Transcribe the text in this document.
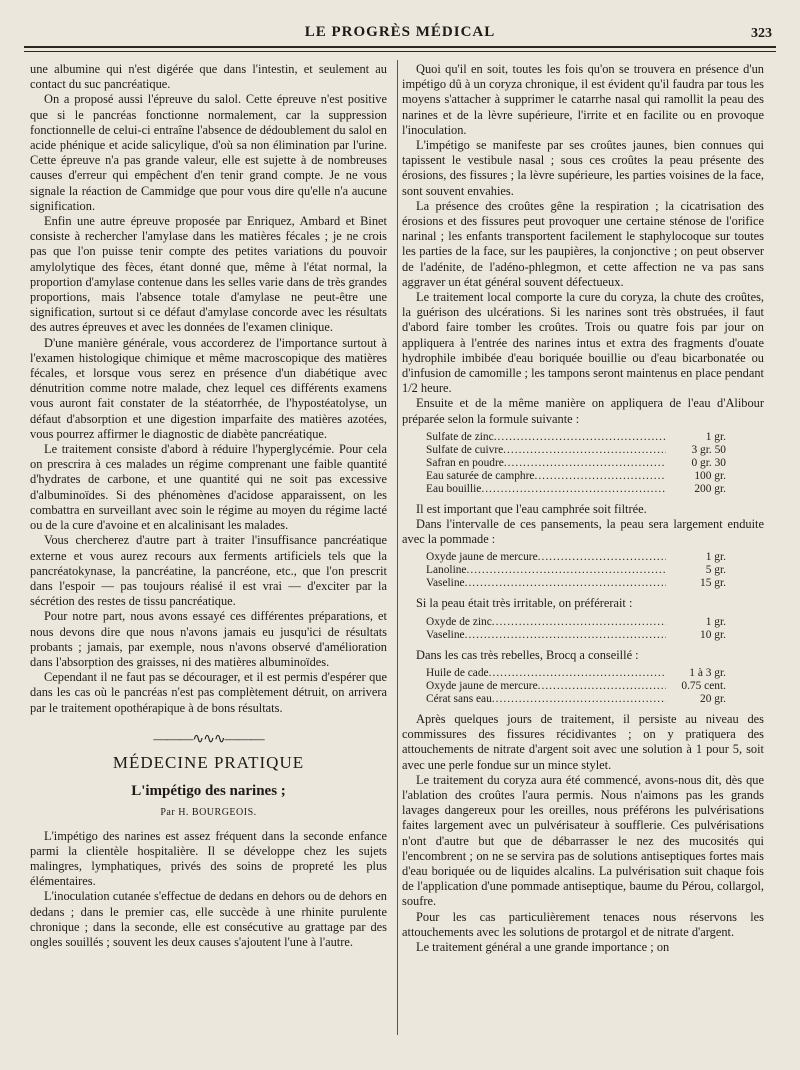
LE PROGRÈS MÉDICAL	323

une albumine qui n'est digérée que dans l'intestin, et seulement au contact du suc pancréatique.

On a proposé aussi l'épreuve du salol. Cette épreuve n'est positive que si le pancréas fonctionne normalement, car la suppression fonctionnelle de celui-ci entraîne l'absence de dédoublement du salol en acide phénique et acide salicylique, d'où sa non élimination par l'urine. Cette épreuve n'a pas grande valeur, elle est sujette à de nombreuses causes d'erreur qui empêchent d'en tenir grand compte. Je ne vous signale la réaction de Cammidge que pour vous dire qu'elle n'a aucune signification.

Enfin une autre épreuve proposée par Enriquez, Ambard et Binet consiste à rechercher l'amylase dans les matières fécales ; je ne crois pas que l'on puisse tenir compte des petites variations du pouvoir amylolytique des fèces, étant donné que, même à l'état normal, la proportion d'amylase contenue dans les selles varie dans de très grandes proportions, mais l'absence totale d'amylase ne peut-être une signification, surtout si ce défaut d'amylase concorde avec les résultats des autres épreuves et avec les données de l'examen clinique.

D'une manière générale, vous accorderez de l'importance surtout à l'examen histologique chimique et même macroscopique des matières fécales, et lorsque vous serez en présence d'un diabétique avec dénutrition comme notre malade, chez lequel ces différents examens vous auront fait constater de la stéatorrhée, de l'hypostéatolyse, un défaut d'absorption et une digestion imparfaite des matières azotées, vous pourrez affirmer le diagnostic de diabète pancréatique.

Le traitement consiste d'abord à réduire l'hyperglycémie. Pour cela on prescrira à ces malades un régime comprenant une faible quantité d'hydrates de carbone, et une quantité qui ne soit pas excessive d'albuminoïdes. Si des phénomènes d'acidose apparaissent, on les combattra en surveillant avec soin le régime au moyen du régime lacté ou de la cure d'avoine et en alcalinisant les malades.

Vous chercherez d'autre part à traiter l'insuffisance pancréatique externe et vous aurez recours aux ferments artificiels tels que la pancréatokynase, la pancréatine, la pancréone, etc., que l'on prescrit dans l'espoir — pas toujours réalisé il est vrai — d'exciter par la sécrétion des restes de tissu pancréatique.

Pour notre part, nous avons essayé ces différentes préparations, et nous devons dire que nous n'avons jamais eu jusqu'ici de résultats probants ; jamais, par exemple, nous n'avons observé d'amélioration dans l'absorption des graisses, ni des matières albuminoïdes.

Cependant il ne faut pas se décourager, et il est permis d'espérer que dans les cas où le pancréas n'est pas complètement détruit, on arrivera par le traitement opothérapique à de bons résultats.

———∿∿∿———
MÉDECINE PRATIQUE
L'impétigo des narines ;
Par H. BOURGEOIS.

L'impétigo des narines est assez fréquent dans la seconde enfance parmi la clientèle hospitalière. Il se développe chez les sujets malingres, lymphatiques, privés des soins de propreté les plus élémentaires.

L'inoculation cutanée s'effectue de dedans en dehors ou de dehors en dedans ; dans le premier cas, elle succède à une rhinite purulente chronique ; dans la seconde, elle est consécutive au grattage par des ongles souillés ; souvent les deux causes s'ajoutent l'une à l'autre.

Quoi qu'il en soit, toutes les fois qu'on se trouvera en présence d'un impétigo dû à un coryza chronique, il est évident qu'il faudra par tous les moyens s'attacher à supprimer le catarrhe nasal qui ramollit la peau des narines et de la lèvre supérieure, l'irrite et en facilite ou en provoque l'inoculation.

L'impétigo se manifeste par ses croûtes jaunes, bien connues qui tapissent le vestibule nasal ; sous ces croûtes la peau présente des érosions, des fissures ; la lèvre supérieure, les parties voisines de la face, sont souvent envahies.

La présence des croûtes gêne la respiration ; la cicatrisation des érosions et des fissures peut provoquer une certaine sténose de l'orifice narinal ; les enfants transportent facilement le staphylocoque sur toutes les parties de la face, sur les paupières, la conjonctive ; on peut observer de l'adénite, de l'adéno-phlegmon, et cette affection ne va pas sans aggraver un état général souvent défectueux.

Le traitement local comporte la cure du coryza, la chute des croûtes, la guérison des ulcérations. Si les narines sont très obstruées, il faut d'abord faire tomber les croûtes. Trois ou quatre fois par jour on appliquera à l'entrée des narines intus et extra des fragments d'ouate hydrophile imbibée d'eau boriquée bouillie ou d'eau bicarbonatée ou d'infusion de camomille ; les tampons seront maintenus en place pendant 1/2 heure.

Ensuite et de la même manière on appliquera de l'eau d'Alibour préparée selon la formule suivante :

Sulfate de zinc .....	1 gr.
Sulfate de cuivre .....	3 gr. 50
Safran en poudre .....	0 gr. 30
Eau saturée de camphre .....	100 gr.
Eau bouillie .....	200 gr.

Il est important que l'eau camphrée soit filtrée.

Dans l'intervalle de ces pansements, la peau sera largement enduite avec la pommade :

Oxyde jaune de mercure .....	1 gr.
Lanoline .....	5 gr.
Vaseline .....	15 gr.

Si la peau était très irritable, on préférerait :

Oxyde de zinc .....	1 gr.
Vaseline .....	10 gr.

Dans les cas très rebelles, Brocq a conseillé :

Huile de cade .....	1 à 3 gr.
Oxyde jaune de mercure .....	0.75 cent.
Cérat sans eau .....	20 gr.

Après quelques jours de traitement, il persiste au niveau des commissures des fissures récidivantes ; on y pratiquera des attouchements de nitrate d'argent soit avec une solution à 1 pour 5, soit avec une perle fondue sur un mince stylet.

Le traitement du coryza aura été commencé, avons-nous dit, dès que l'ablation des croûtes l'aura permis. Nous n'aimons pas les grands lavages dangereux pour les oreilles, nous préférons les pulvérisations faites largement avec un pulvérisateur à soufflerie. Ces pulvérisations n'ont d'autre but que de débarrasser le nez des mucosités qui l'encombrent ; on ne se servira pas de solutions antiseptiques fortes mais d'eau boriquée ou de liquides alcalins. La pulvérisation suit chaque fois de l'application d'une pommade antiseptique, baume du Pérou, collargol, soufre.

Pour les cas particulièrement tenaces nous réservons les attouchements avec les solutions de protargol et de nitrate d'argent.

Le traitement général a une grande importance ; on
